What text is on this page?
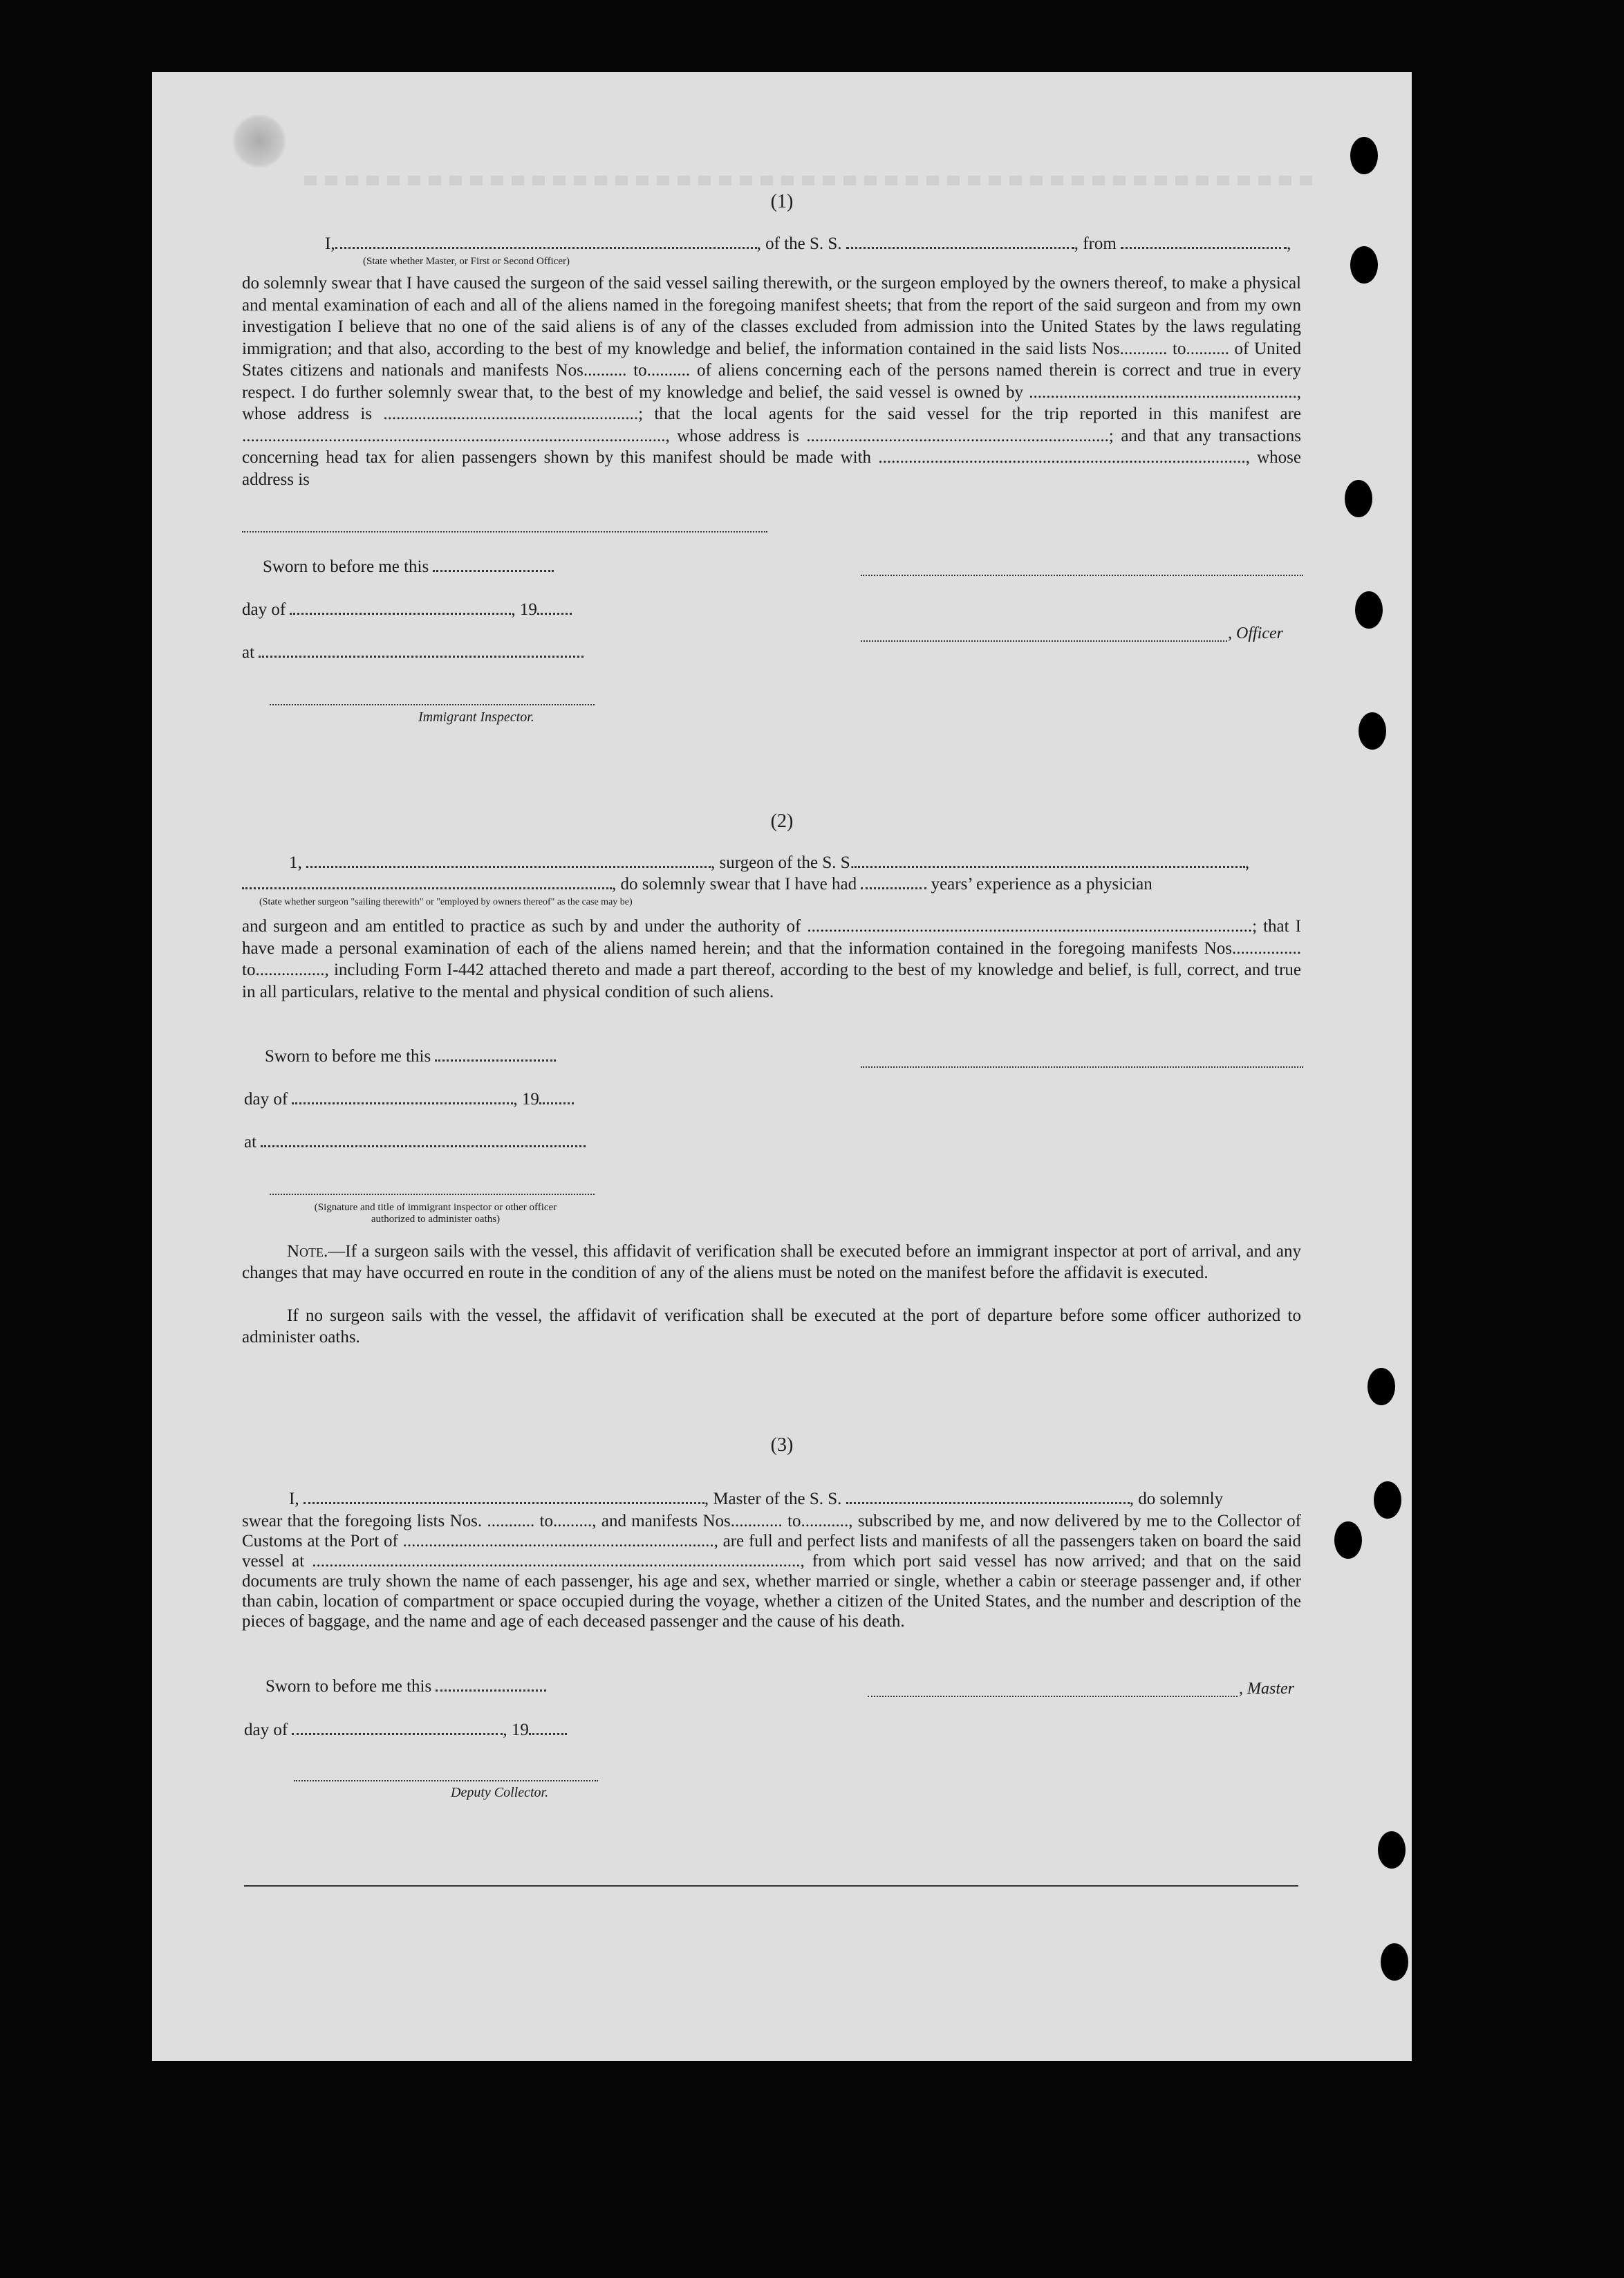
(1)
I,	, of the S. S.	, from	,
(State whether Master, or First or Second Officer)
do solemnly swear that I have caused the surgeon of the said vessel sailing therewith, or the surgeon employed by the owners thereof, to make a physical and mental examination of each and all of the aliens named in the foregoing manifest sheets; that from the report of the said surgeon and from my own investigation I believe that no one of the said aliens is of any of the classes excluded from admission into the United States by the laws regulating immigration; and that also, according to the best of my knowledge and belief, the information contained in the said lists Nos........... to.......... of United States citizens and nationals and manifests Nos.......... to.......... of aliens concerning each of the persons named therein is correct and true in every respect. I do further solemnly swear that, to the best of my knowledge and belief, the said vessel is owned by .............................................................., whose address is ...........................................................; that the local agents for the said vessel for the trip reported in this manifest are .................................................................................................., whose address is ......................................................................; and that any transactions concerning head tax for alien passengers shown by this manifest should be made with ....................................................................................., whose address is
Sworn to before me this
day of	, 19
, Officer
at
Immigrant Inspector.
(2)
1,	, surgeon of the S. S.	,
, do solemnly swear that I have had	years’ experience as a physician
(State whether surgeon "sailing therewith" or "employed by owners thereof" as the case may be)
and surgeon and am entitled to practice as such by and under the authority of .......................................................................................................; that I have made a personal examination of each of the aliens named herein; and that the information contained in the foregoing manifests Nos................ to................, including Form I-442 attached thereto and made a part thereof, according to the best of my knowledge and belief, is full, correct, and true in all particulars, relative to the mental and physical condition of such aliens.
Sworn to before me this
day of	, 19
at
(Signature and title of immigrant inspector or other officer authorized to administer oaths)
Note.—If a surgeon sails with the vessel, this affidavit of verification shall be executed before an immigrant inspector at port of arrival, and any changes that may have occurred en route in the condition of any of the aliens must be noted on the manifest before the affidavit is executed.
If no surgeon sails with the vessel, the affidavit of verification shall be executed at the port of departure before some officer authorized to administer oaths.
(3)
I,	, Master of the S. S.	, do solemnly
swear that the foregoing lists Nos. ........... to........., and manifests Nos............ to..........., subscribed by me, and now delivered by me to the Collector of Customs at the Port of ........................................................................, are full and perfect lists and manifests of all the passengers taken on board the said vessel at ................................................................................................................., from which port said vessel has now arrived; and that on the said documents are truly shown the name of each passenger, his age and sex, whether married or single, whether a cabin or steerage passenger and, if other than cabin, location of compartment or space occupied during the voyage, whether a citizen of the United States, and the number and description of the pieces of baggage, and the name and age of each deceased passenger and the cause of his death.
Sworn to before me this	, Master
day of	, 19
Deputy Collector.
